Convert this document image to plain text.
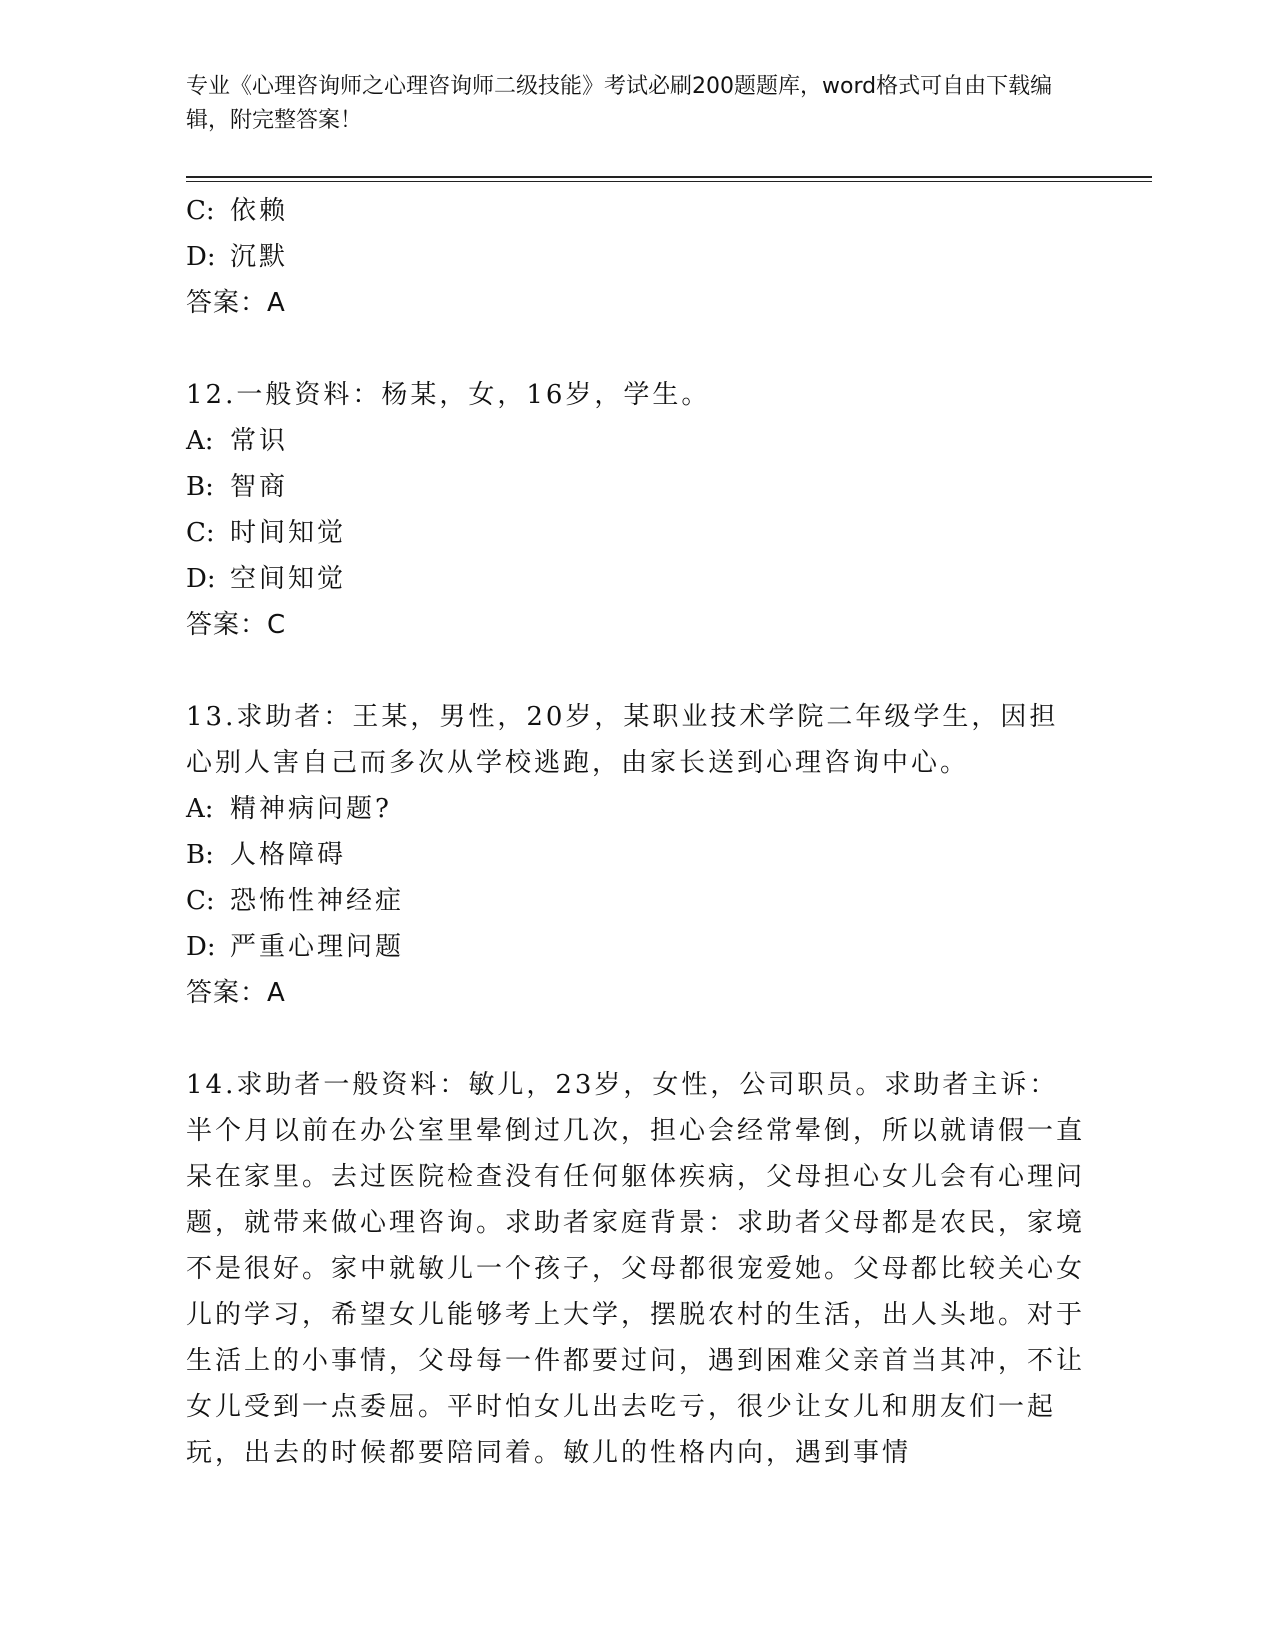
专业《心理咨询师之心理咨询师二级技能》考试必刷200题题库，word格式可自由下载编辑，附完整答案！
C: 依赖
D: 沉默
答案：A
12.一般资料：杨某，女，16岁，学生。
A: 常识
B: 智商
C: 时间知觉
D: 空间知觉
答案：C
13.求助者：王某，男性，20岁，某职业技术学院二年级学生，因担心别人害自己而多次从学校逃跑，由家长送到心理咨询中心。
A: 精神病问题?
B: 人格障碍
C: 恐怖性神经症
D: 严重心理问题
答案：A
14.求助者一般资料：敏儿，23岁，女性，公司职员。求助者主诉：半个月以前在办公室里晕倒过几次，担心会经常晕倒，所以就请假一直呆在家里。去过医院检查没有任何躯体疾病，父母担心女儿会有心理问题，就带来做心理咨询。求助者家庭背景：求助者父母都是农民，家境不是很好。家中就敏儿一个孩子，父母都很宠爱她。父母都比较关心女儿的学习，希望女儿能够考上大学，摆脱农村的生活，出人头地。对于生活上的小事情，父母每一件都要过问，遇到困难父亲首当其冲，不让女儿受到一点委屈。平时怕女儿出去吃亏，很少让女儿和朋友们一起玩，出去的时候都要陪同着。敏儿的性格内向，遇到事情
